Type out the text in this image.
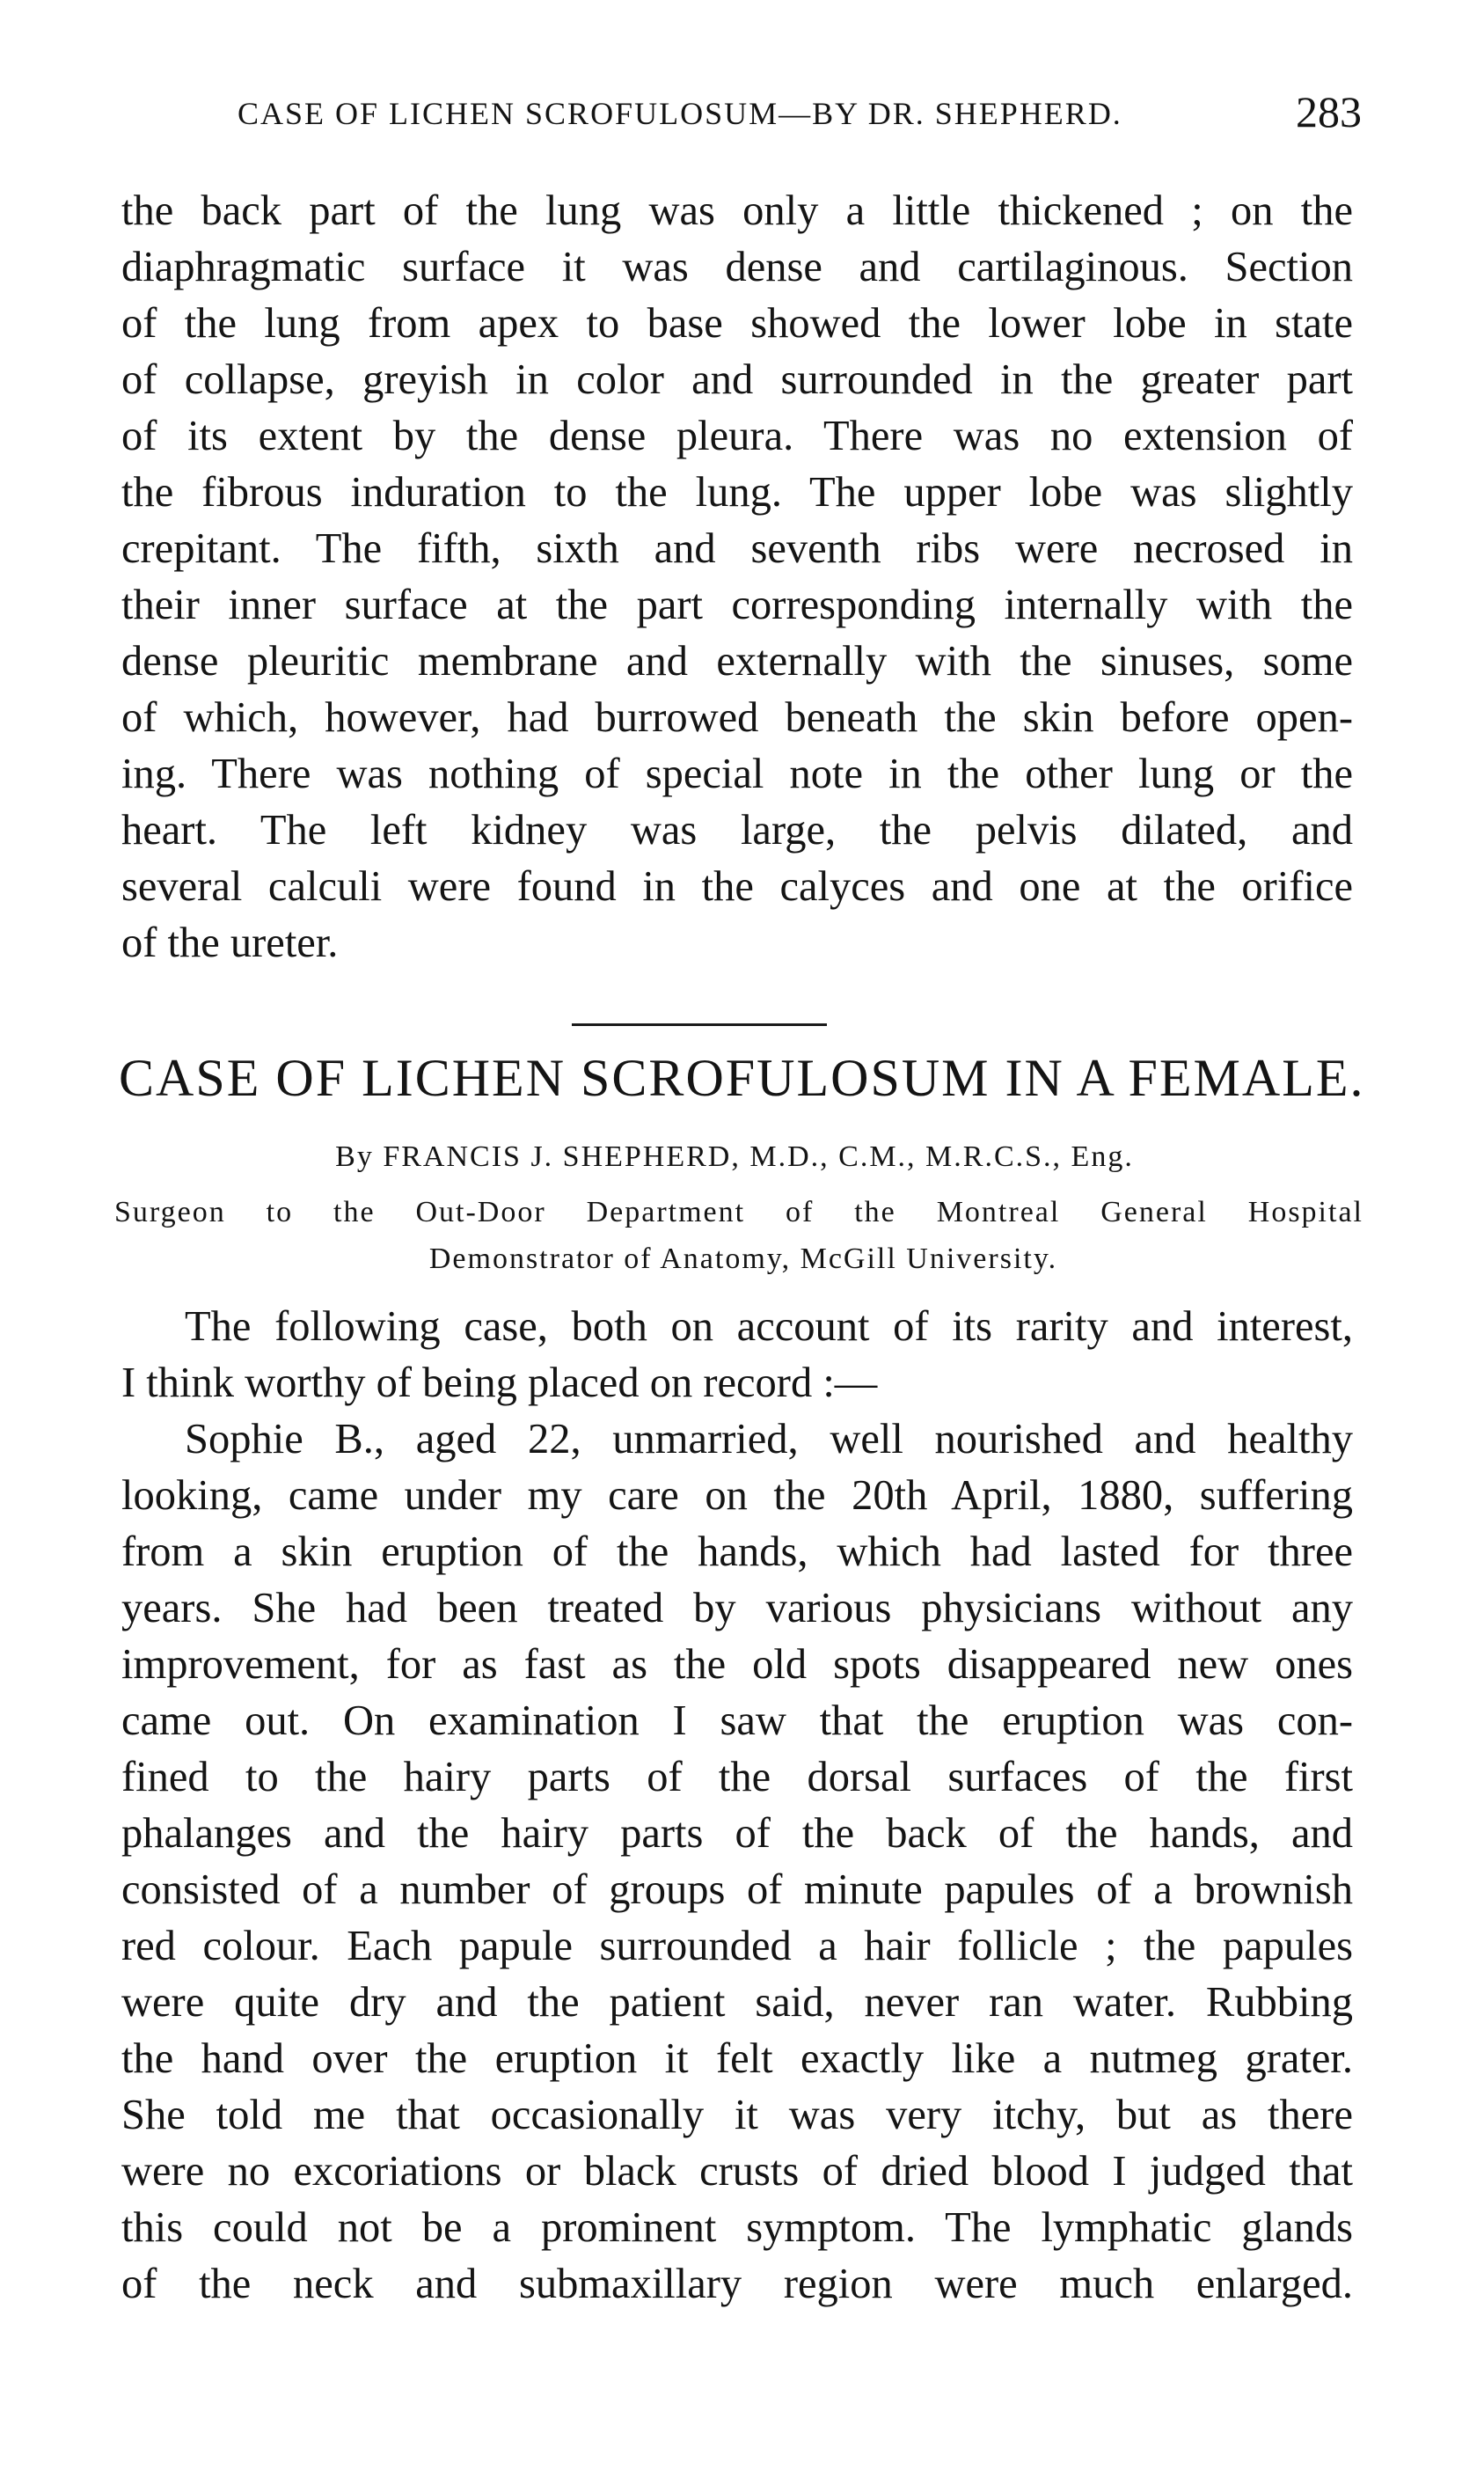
CASE OF LICHEN SCROFULOSUM—BY DR. SHEPHERD.	283
the back part of the lung was only a little thickened ; on the
diaphragmatic surface it was dense and cartilaginous. Section
of the lung from apex to base showed the lower lobe in state
of collapse, greyish in color and surrounded in the greater part
of its extent by the dense pleura. There was no extension of
the fibrous induration to the lung. The upper lobe was slightly
crepitant. The fifth, sixth and seventh ribs were necrosed in
their inner surface at the part corresponding internally with the
dense pleuritic membrane and externally with the sinuses, some
of which, however, had burrowed beneath the skin before open-
ing. There was nothing of special note in the other lung or the
heart. The left kidney was large, the pelvis dilated, and
several calculi were found in the calyces and one at the orifice
of the ureter.
CASE OF LICHEN SCROFULOSUM IN A FEMALE.
By FRANCIS J. SHEPHERD, M.D., C.M., M.R.C.S., Eng.
Surgeon to the Out-Door Department of the Montreal General Hospital
Demonstrator of Anatomy, McGill University.
The following case, both on account of its rarity and interest,
I think worthy of being placed on record :—
Sophie B., aged 22, unmarried, well nourished and healthy
looking, came under my care on the 20th April, 1880, suffering
from a skin eruption of the hands, which had lasted for three
years. She had been treated by various physicians without any
improvement, for as fast as the old spots disappeared new ones
came out. On examination I saw that the eruption was con-
fined to the hairy parts of the dorsal surfaces of the first
phalanges and the hairy parts of the back of the hands, and
consisted of a number of groups of minute papules of a brownish
red colour. Each papule surrounded a hair follicle ; the papules
were quite dry and the patient said, never ran water. Rubbing
the hand over the eruption it felt exactly like a nutmeg grater.
She told me that occasionally it was very itchy, but as there
were no excoriations or black crusts of dried blood I judged that
this could not be a prominent symptom. The lymphatic glands
of the neck and submaxillary region were much enlarged.
